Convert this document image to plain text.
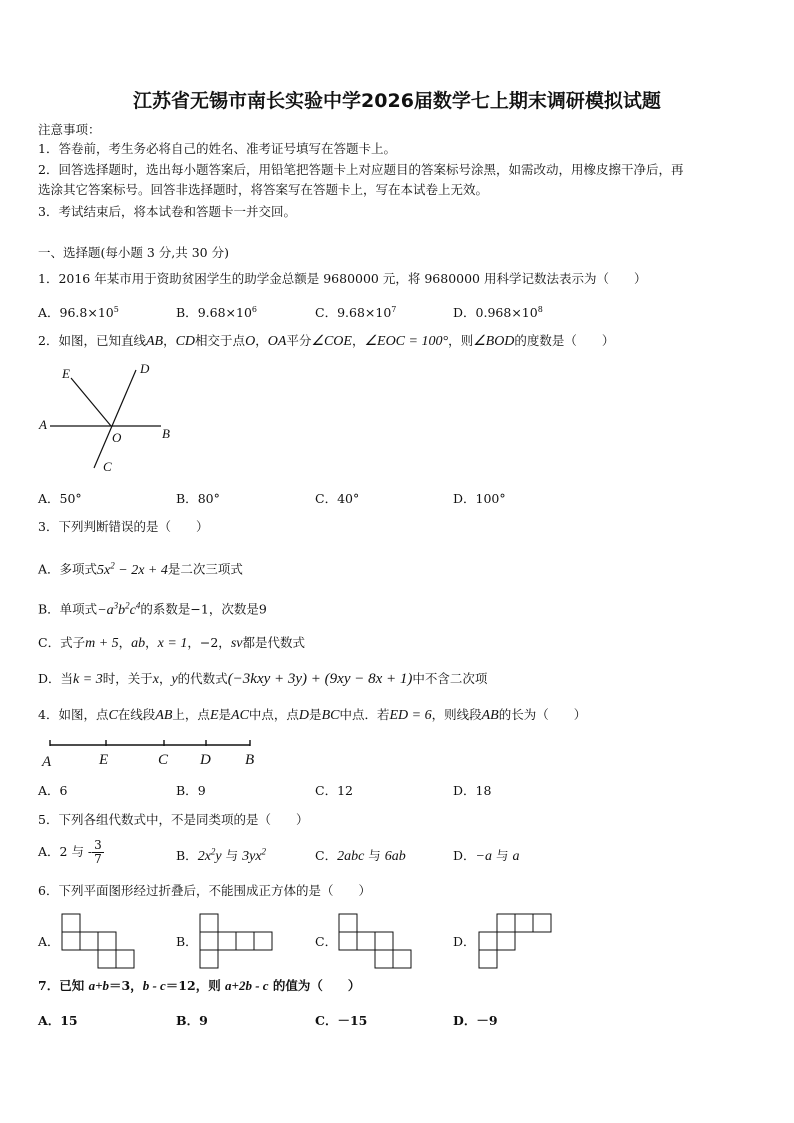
江苏省无锡市南长实验中学2026届数学七上期末调研模拟试题
注意事项：
1．答卷前，考生务必将自己的姓名、准考证号填写在答题卡上。
2．回答选择题时，选出每小题答案后，用铅笔把答题卡上对应题目的答案标号涂黑，如需改动，用橡皮擦干净后，再
选涂其它答案标号。回答非选择题时，将答案写在答题卡上，写在本试卷上无效。
3．考试结束后，将本试卷和答题卡一并交回。
一、选择题(每小题 3 分,共 30 分)
1．2016 年某市用于资助贫困学生的助学金总额是 9680000 元，将 9680000 用科学记数法表示为（　　）
A．$96.8\times 10^5$	B．$9.68\times 10^6$	C．$9.68\times 10^7$	D．$0.968\times 10^8$
2．如图，已知直线AB，CD相交于点O，OA平分∠COE，∠EOC = 100°，则∠BOD的度数是（　　）
E	D
A
O	B
C
A．50°	B．80°	C．40°	D．100°
3．下列判断错误的是（　　）
A．多项式$5x^2 - 2x + 4$是二次三项式
B．单项式$-a^3b^2c^4$的系数是−1，次数是9
C．式子m + 5，ab，x = 1，−2，sv都是代数式
D．当k = 3时，关于x，y的代数式(−3kxy + 3y) + (9xy − 8x + 1)中不含二次项
4．如图，点C在线段AB上，点E是AC中点，点D是BC中点．若ED = 6，则线段AB的长为（　　）
A	E	C D B
A．6	B．9	C．12	D．18
5．下列各组代数式中，不是同类项的是（　　）
A．2 与 - $\frac{3}{7}$	B．$2x^2y$ 与 $3yx^2$	C．2abc 与 6ab	D．−a 与 a
6．下列平面图形经过折叠后，不能围成正方体的是（　　）
A．	B．	C．	D．
7．已知 a+b＝3，b - c＝12，则 a+2b - c 的值为（　　）
A．15	B．9	C．－15	D．－9
